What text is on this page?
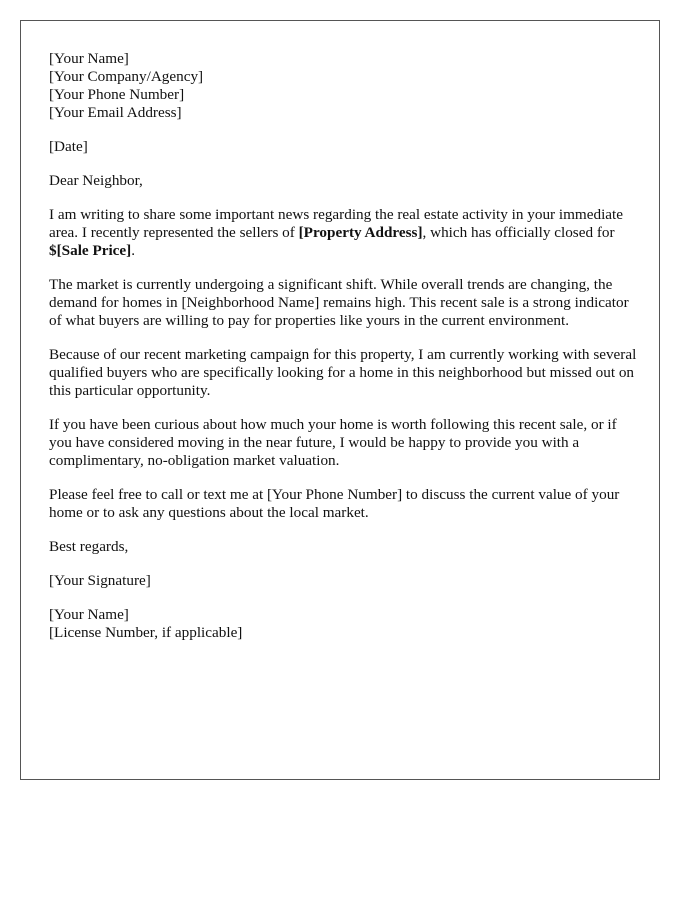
[Your Name]
[Your Company/Agency]
[Your Phone Number]
[Your Email Address]

[Date]

Dear Neighbor,

I am writing to share some important news regarding the real estate activity in your immediate area. I recently represented the sellers of [Property Address], which has officially closed for $[Sale Price].

The market is currently undergoing a significant shift. While overall trends are changing, the demand for homes in [Neighborhood Name] remains high. This recent sale is a strong indicator of what buyers are willing to pay for properties like yours in the current environment.

Because of our recent marketing campaign for this property, I am currently working with several qualified buyers who are specifically looking for a home in this neighborhood but missed out on this particular opportunity.

If you have been curious about how much your home is worth following this recent sale, or if you have considered moving in the near future, I would be happy to provide you with a complimentary, no-obligation market valuation.

Please feel free to call or text me at [Your Phone Number] to discuss the current value of your home or to ask any questions about the local market.

Best regards,

[Your Signature]

[Your Name]
[License Number, if applicable]
